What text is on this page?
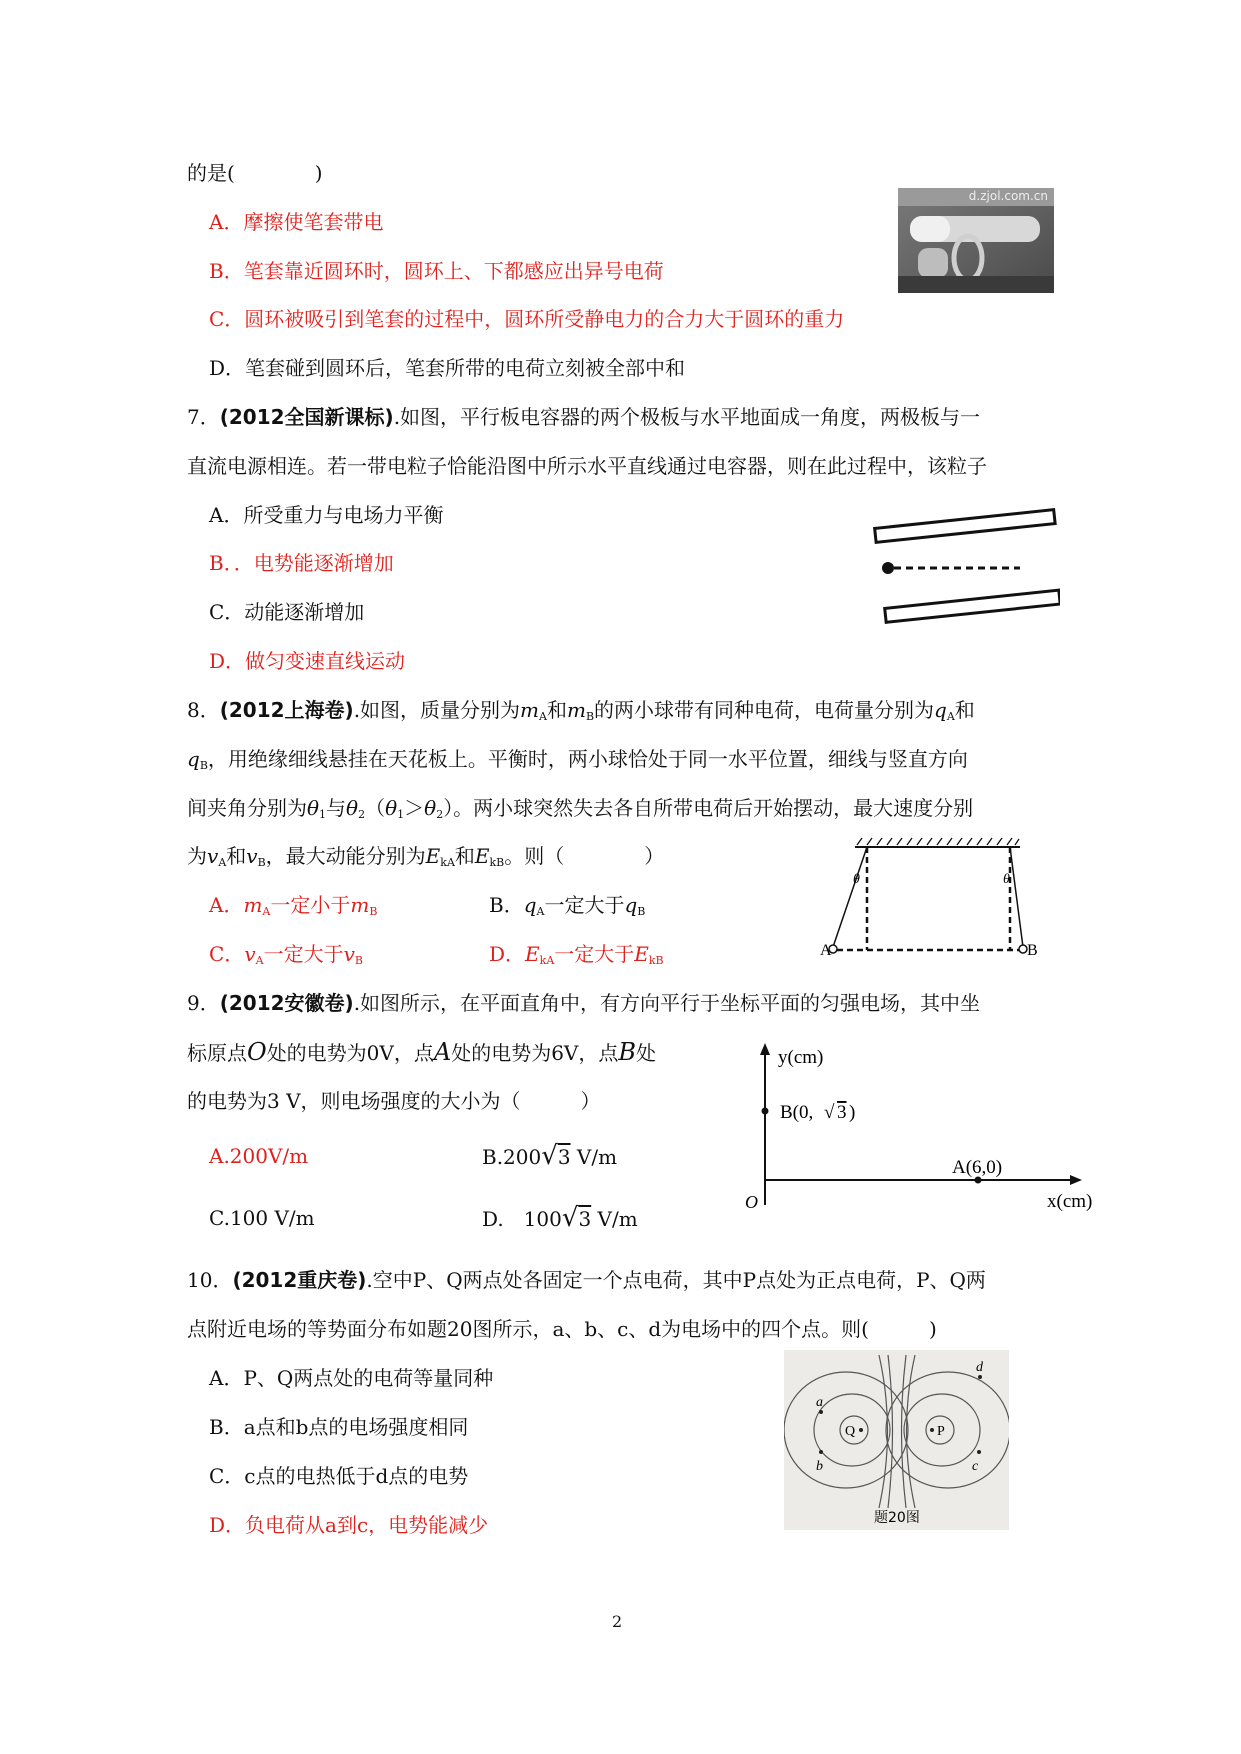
的是(　　　　)
A．摩擦使笔套带电
B．笔套靠近圆环时，圆环上、下都感应出异号电荷
C．圆环被吸引到笔套的过程中，圆环所受静电力的合力大于圆环的重力
D．笔套碰到圆环后，笔套所带的电荷立刻被全部中和
d.zjol.com.cn
7．(2012全国新课标).如图，平行板电容器的两个极板与水平地面成一角度，两极板与一
直流电源相连。若一带电粒子恰能沿图中所示水平直线通过电容器，则在此过程中，该粒子
A．所受重力与电场力平衡
B．．电势能逐渐增加
C．动能逐渐增加
D．做匀变速直线运动
8．(2012上海卷).如图，质量分别为$m_A$和$m_B$的两小球带有同种电荷，电荷量分别为$q_A$和
$q_B$，用绝缘细线悬挂在天花板上。平衡时，两小球恰处于同一水平位置，细线与竖直方向
间夹角分别为$\theta_1$与$\theta_2(\theta_1>\theta_2)$。两小球突然失去各自所带电荷后开始摆动，最大速度分别
为$v_A$和$v_B$，最大动能分别为$E_{kA}$和$E_{kB}$。则（　　　　）
A．$m_A$一定小于$m_B$	B．$q_A$一定大于$q_B$
C．$v_A$一定大于$v_B$	D．$E_{kA}$一定大于$E_{kB}$
A	B
θ	θ
9．(2012安徽卷).如图所示，在平面直角中，有方向平行于坐标平面的匀强电场，其中坐
标原点O处的电势为0V，点A处的电势为6V，点B处
的电势为3 V，则电场强度的大小为（　　　）
A.200V/m	B.200√3 V/m
C.100 V/m	D.　100√3 V/m
y(cm)
x(cm)
O
B(0, √ 3 )
A(6,0)
10．(2012重庆卷).空中P、Q两点处各固定一个点电荷，其中P点处为正点电荷，P、Q两
点附近电场的等势面分布如题20图所示，a、b、c、d为电场中的四个点。则(　　　)
A．P、Q两点处的电荷等量同种
B．a点和b点的电场强度相同
C．c点的电热低于d点的电势
D．负电荷从a到c，电势能减少
Q	P
a
b	c
d
题20图
2
